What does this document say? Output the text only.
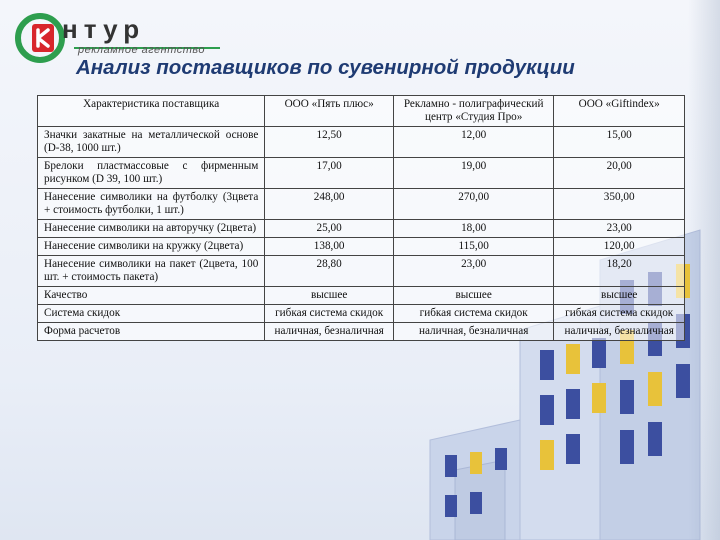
нтур
рекламное агентство
Анализ поставщиков по сувенирной продукции
Характеристика поставщика	ООО «Пять плюс»	Рекламно - полиграфический центр «Студия Про»	ООО «Giftindex»
Значки закатные на металлической основе (D-38, 1000 шт.)	12,50	12,00	15,00
Брелоки пластмассовые с фирменным рисунком (D 39, 100 шт.)	17,00	19,00	20,00
Нанесение символики на футболку (3цвета + стоимость футболки, 1 шт.)	248,00	270,00	350,00
Нанесение символики на авторучку (2цвета)	25,00	18,00	23,00
Нанесение символики на кружку (2цвета)	138,00	115,00	120,00
Нанесение символики на пакет (2цвета, 100 шт. + стоимость пакета)	28,80	23,00	18,20
Качество	высшее	высшее	высшее
Система скидок	гибкая система скидок	гибкая система скидок	гибкая система скидок
Форма расчетов	наличная, безналичная	наличная, безналичная	наличная, безналичная
